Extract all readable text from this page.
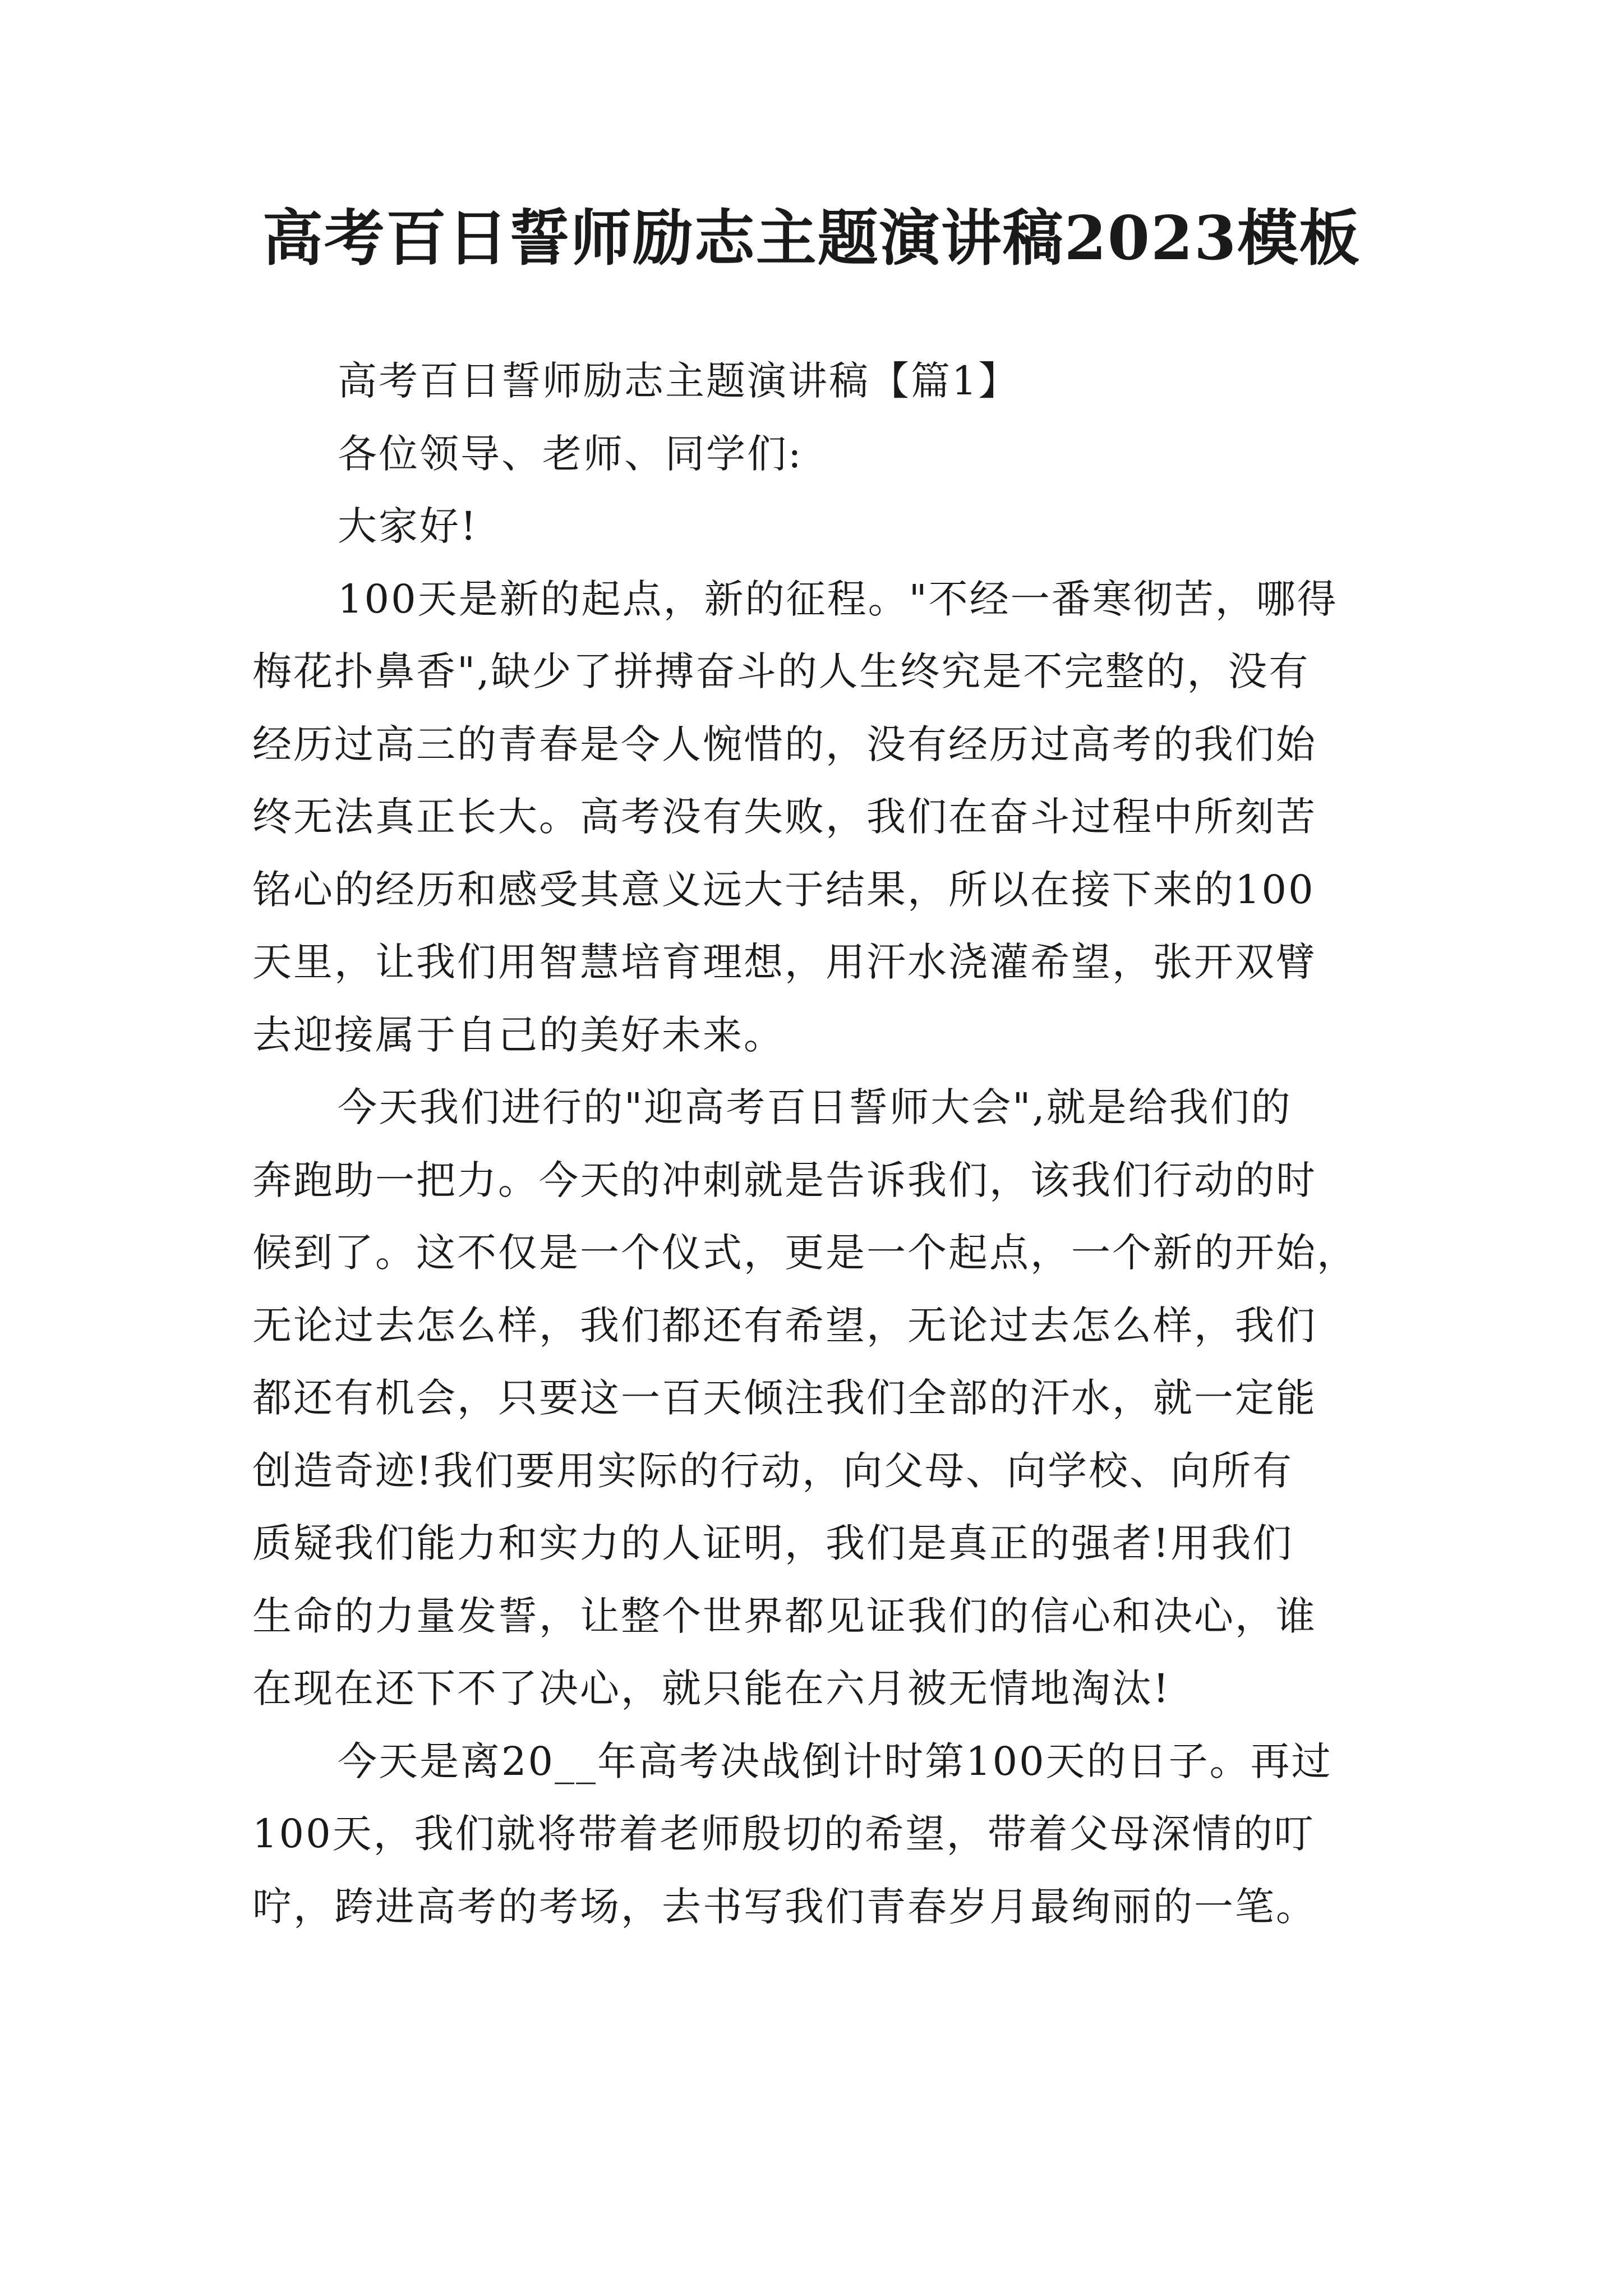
高考百日誓师励志主题演讲稿2023模板
高考百日誓师励志主题演讲稿【篇1】
各位领导、老师、同学们:
大家好!
100天是新的起点，新的征程。"不经一番寒彻苦，哪得
梅花扑鼻香",缺少了拼搏奋斗的人生终究是不完整的，没有
经历过高三的青春是令人惋惜的，没有经历过高考的我们始
终无法真正长大。高考没有失败，我们在奋斗过程中所刻苦
铭心的经历和感受其意义远大于结果，所以在接下来的100
天里，让我们用智慧培育理想，用汗水浇灌希望，张开双臂
去迎接属于自己的美好未来。
今天我们进行的"迎高考百日誓师大会",就是给我们的
奔跑助一把力。今天的冲刺就是告诉我们，该我们行动的时
候到了。这不仅是一个仪式，更是一个起点，一个新的开始，
无论过去怎么样，我们都还有希望，无论过去怎么样，我们
都还有机会，只要这一百天倾注我们全部的汗水，就一定能
创造奇迹!我们要用实际的行动，向父母、向学校、向所有
质疑我们能力和实力的人证明，我们是真正的强者!用我们
生命的力量发誓，让整个世界都见证我们的信心和决心，谁
在现在还下不了决心，就只能在六月被无情地淘汰!
今天是离20__年高考决战倒计时第100天的日子。再过
100天，我们就将带着老师殷切的希望，带着父母深情的叮
咛，跨进高考的考场，去书写我们青春岁月最绚丽的一笔。
